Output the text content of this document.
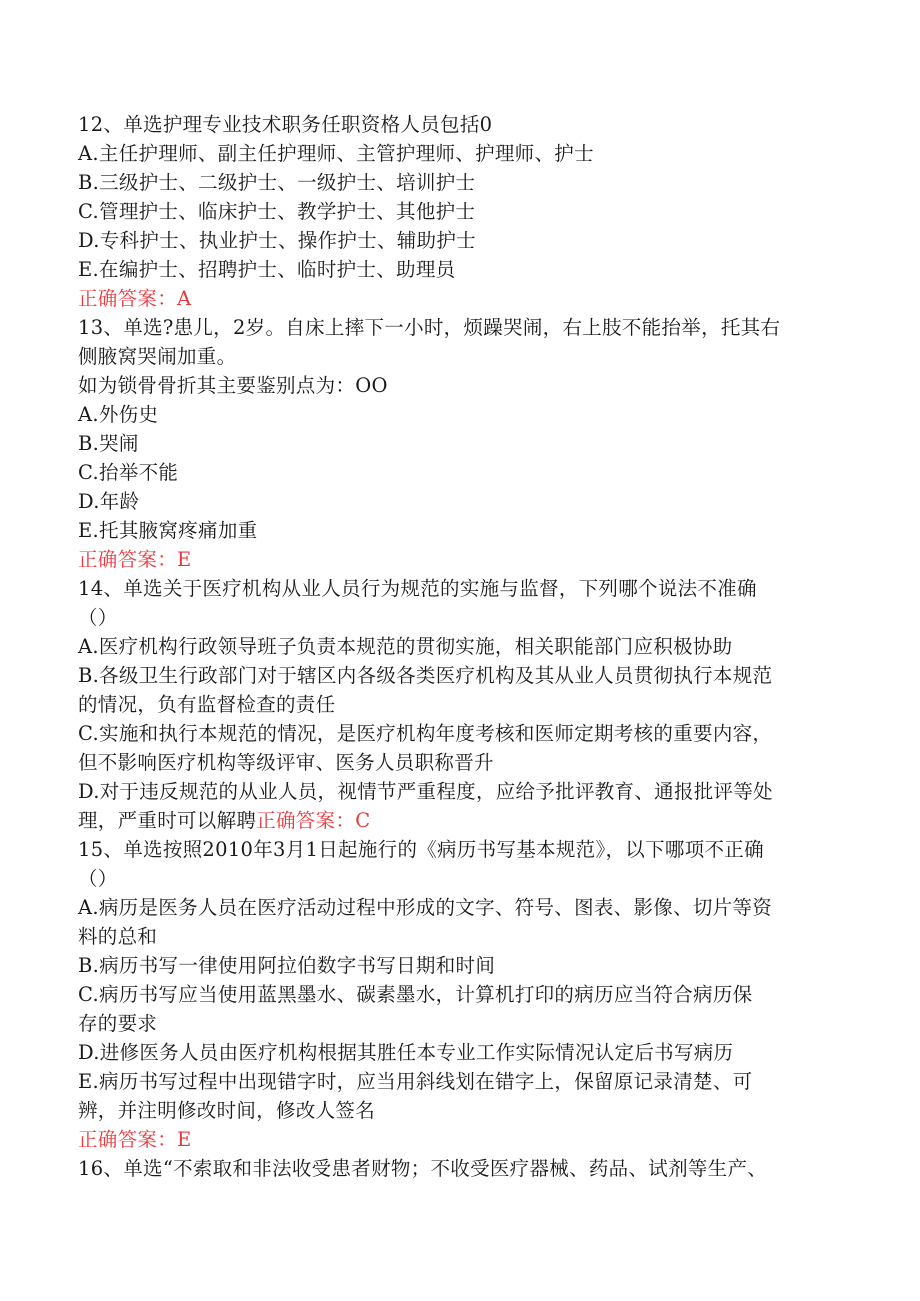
12、单选护理专业技术职务任职资格人员包括0
A.主任护理师、副主任护理师、主管护理师、护理师、护士
B.三级护士、二级护士、一级护士、培训护士
C.管理护士、临床护士、教学护士、其他护士
D.专科护士、执业护士、操作护士、辅助护士
E.在编护士、招聘护士、临时护士、助理员
正确答案：A
13、单选?患儿，2岁。自床上摔下一小时，烦躁哭闹，右上肢不能抬举，托其右
侧腋窝哭闹加重。
如为锁骨骨折其主要鉴别点为：OO
A.外伤史
B.哭闹
C.抬举不能
D.年龄
E.托其腋窝疼痛加重
正确答案：E
14、单选关于医疗机构从业人员行为规范的实施与监督，下列哪个说法不准确
（）
A.医疗机构行政领导班子负责本规范的贯彻实施，相关职能部门应积极协助
B.各级卫生行政部门对于辖区内各级各类医疗机构及其从业人员贯彻执行本规范
的情况，负有监督检查的责任
C.实施和执行本规范的情况，是医疗机构年度考核和医师定期考核的重要内容，
但不影响医疗机构等级评审、医务人员职称晋升
D.对于违反规范的从业人员，视情节严重程度，应给予批评教育、通报批评等处
理，严重时可以解聘正确答案：C
15、单选按照2010年3月1日起施行的《病历书写基本规范》，以下哪项不正确
（）
A.病历是医务人员在医疗活动过程中形成的文字、符号、图表、影像、切片等资
料的总和
B.病历书写一律使用阿拉伯数字书写日期和时间
C.病历书写应当使用蓝黑墨水、碳素墨水，计算机打印的病历应当符合病历保
存的要求
D.进修医务人员由医疗机构根据其胜任本专业工作实际情况认定后书写病历
E.病历书写过程中出现错字时，应当用斜线划在错字上，保留原记录清楚、可
辨，并注明修改时间，修改人签名
正确答案：E
16、单选“不索取和非法收受患者财物；不收受医疗器械、药品、试剂等生产、
